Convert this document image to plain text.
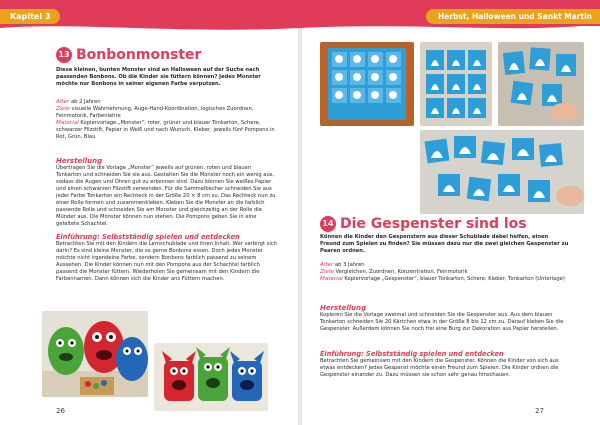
Kapitel 3	Herbst, Halloween und Sankt Martin
13 Bonbonmonster
Diese kleinen, bunten Monster sind an Halloween auf der Suche nach passenden Bonbons. Ob die Kinder sie füttern können? Jedes Monster möchte nur Bonbons in seiner eigenen Farbe verputzen.
Alter ab 2 Jahren
Ziele visuelle Wahrnehmung, Auge-Hand-Koordination, logisches Zuordnen, Feinmotorik, Farbenlehre
Material Kopiervorlage „Monster“, roter, grüner und blauer Tonkarton, Schere, schwarzer Filzstift, Papier in Weiß und nach Wunsch, Kleber, jeweils fünf Pompons in Rot, Grün, Blau
Herstellung
Übertragen Sie die Vorlage „Monster“ jeweils auf grünen, roten und blauen Tonkarton und schneiden Sie sie aus. Gestalten Sie die Monster noch ein wenig aus, sodass die Augen und Ohren gut zu erkennen sind. Dazu können Sie weißes Papier und einen schwarzen Filzstift verwenden. Für die Sammelbecher schneiden Sie aus jeder Farbe Tonkarton ein Rechteck in der Größe 20 × 8 cm zu. Das Rechteck nun zu einer Rolle formen und zusammenkleben. Kleben Sie die Monster an die farblich passende Rolle und schneiden Sie am Monster und gleichzeitig an der Rolle die Münder aus. Die Monster können nun stehen. Die Pompons geben Sie in eine gefaltete Schachtel.
Einführung: Selbstständig spielen und entdecken
Betrachten Sie mit den Kindern die Lernschublade und ihren Inhalt. Wer verbirgt sich darin? Es sind kleine Monster, die so gerne Bonbons essen. Doch jedes Monster möchte nicht irgendeine Farbe, sondern Bonbons farblich passend zu seinem Aussehen. Die Kinder können nun mit den Pompons aus der Schachtel farblich passend die Monster füttern. Wiederholen Sie gemeinsam mit den Kindern die Farbennamen. Dann können sich die Kinder ans Füttern machen.
26
14 Die Gespenster sind los
Können die Kinder den Gespenstern aus dieser Schublade dabei helfen, einen Freund zum Spielen zu finden? Sie müssen dazu nur die zwei gleichen Gespenster zu Paaren ordnen.
Alter ab 3 Jahren
Ziele Vergleichen, Zuordnen, Konzentration, Feinmotorik
Material Kopiervorlage „Gespenster“, blauer Tonkarton, Schere, Kleber, Tonkarton (Unterlage)
Herstellung
Kopieren Sie die Vorlage zweimal und schneiden Sie die Gespenster aus. Aus dem blauen Tonkarton schneiden Sie 20 Kärtchen etwa in der Größe 8 bis 12 cm zu. Darauf kleben Sie die Gespenster. Außerdem können Sie noch frei eine Burg zur Dekoration aus Papier herstellen.
Einführung: Selbstständig spielen und entdecken
Betrachten Sie gemeinsam mit den Kindern die Gespenster. Können die Kinder von sich aus etwas entdecken? Jedes Gespenst möchte einen Freund zum Spielen. Die Kinder ordnen die Gespenster einander zu. Dazu müssen sie schon sehr genau hinschauen.
27
